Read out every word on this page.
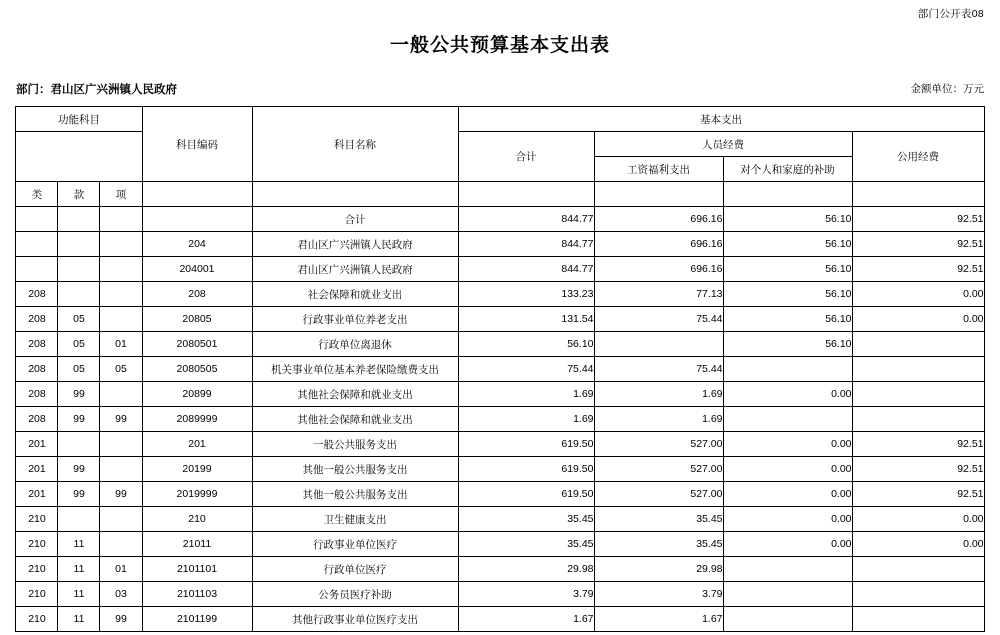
部门公开表08
一般公共预算基本支出表
部门：君山区广兴洲镇人民政府	金额单位：万元
功能科目			科目编码	科目名称	基本支出			
					合计	人员经费		公用经费
						工资福利支出	对个人和家庭的补助	
类	款	项						
				合计	844.77	696.16	56.10	92.51
			204	君山区广兴洲镇人民政府	844.77	696.16	56.10	92.51
			204001	君山区广兴洲镇人民政府	844.77	696.16	56.10	92.51
208			208	社会保障和就业支出	133.23	77.13	56.10	0.00
208	05		20805	行政事业单位养老支出	131.54	75.44	56.10	0.00
208	05	01	2080501	行政单位离退休	56.10		56.10	
208	05	05	2080505	机关事业单位基本养老保险缴费支出	75.44	75.44		
208	99		20899	其他社会保障和就业支出	1.69	1.69	0.00	
208	99	99	2089999	其他社会保障和就业支出	1.69	1.69		
201			201	一般公共服务支出	619.50	527.00	0.00	92.51
201	99		20199	其他一般公共服务支出	619.50	527.00	0.00	92.51
201	99	99	2019999	其他一般公共服务支出	619.50	527.00	0.00	92.51
210			210	卫生健康支出	35.45	35.45	0.00	0.00
210	11		21011	行政事业单位医疗	35.45	35.45	0.00	0.00
210	11	01	2101101	行政单位医疗	29.98	29.98		
210	11	03	2101103	公务员医疗补助	3.79	3.79		
210	11	99	2101199	其他行政事业单位医疗支出	1.67	1.67		
